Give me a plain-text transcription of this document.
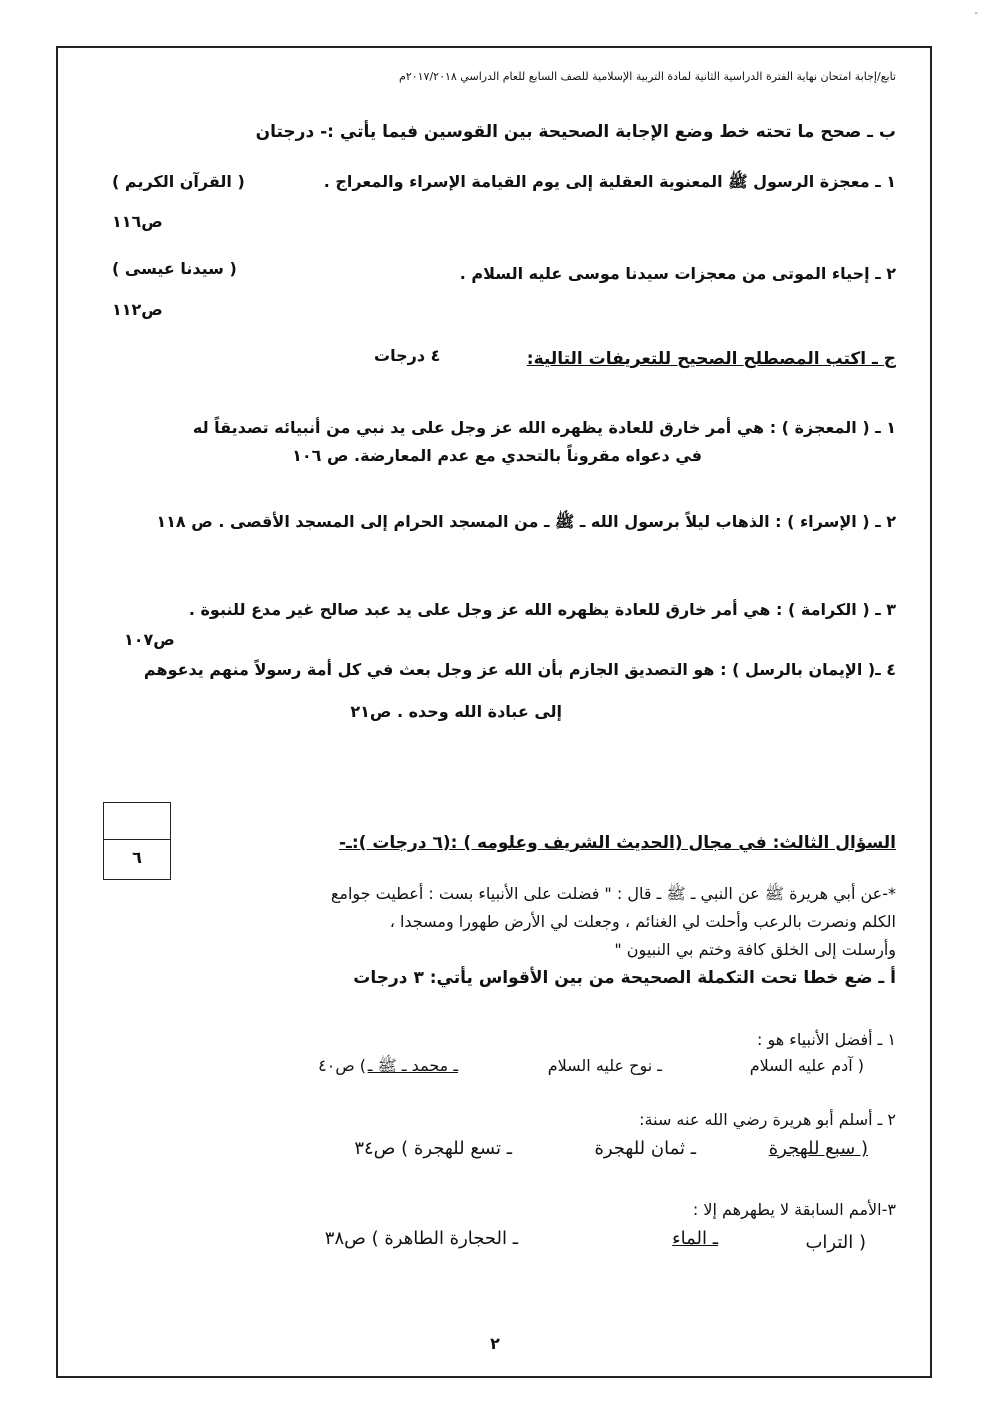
-
تابع/إجابة امتحان نهاية الفترة الدراسية الثانية لمادة التربية الإسلامية للصف السابع للعام الدراسي ٢٠١٧/٢٠١٨م
ب ـ صحح ما تحته خط وضع الإجابة الصحيحة بين القوسين فيما يأتي :- درجتان
١ ـ معجزة الرسول ﷺ المعنوية العقلية إلى يوم القيامة الإسراء والمعراج .
( القرآن الكريم )
ص١١٦
٢ ـ إحياء الموتى من معجزات سيدنا موسى عليه السلام .
( سيدنا عيسى )
ص١١٢
ج ـ اكتب المصطلح الصحيح للتعريفات التالية:
٤ درجات
١ ـ ( المعجزة ) : هي أمر خارق للعادة يظهره الله عز وجل على يد نبي من أنبيائه تصديقاً له
في دعواه مقروناً بالتحدي مع عدم المعارضة. ص ١٠٦
٢ ـ ( الإسراء ) : الذهاب ليلاً برسول الله ـ ﷺ ـ من المسجد الحرام إلى المسجد الأقصى . ص ١١٨
٣ ـ ( الكرامة ) : هي أمر خارق للعادة يظهره الله عز وجل على يد عبد صالح غير مدع للنبوة .
ص١٠٧
٤ ـ( الإيمان بالرسل ) : هو التصديق الجازم بأن الله عز وجل بعث في كل أمة رسولاً منهم يدعوهم
إلى عبادة الله وحده . ص٢١
٦
السؤال الثالث: في مجال (الحديث الشريف وعلومه ) :(٦ درجات ):ـ-
*-عن أبي هريرة ﷺ عن النبي ـ ﷺ ـ قال : " فضلت على الأنبياء بست : أعطيت جوامع
الكلم ونصرت بالرعب وأحلت لي الغنائم ، وجعلت لي الأرض طهورا ومسجدا ،
وأرسلت إلى الخلق كافة وختم بي النبيون "
أ ـ ضع خطا تحت التكملة الصحيحة من بين الأقواس يأتي: ٣ درجات
١ ـ أفضل الأنبياء هو :
( آدم عليه السلام
ـ نوح عليه السلام
ـ محمد ـ ﷺ ـ
) ص٤٠
٢ ـ أسلم أبو هريرة رضي الله عنه سنة:
( سبع للهجرة
ـ ثمان للهجرة
ـ تسع للهجرة ) ص٣٤
٣-الأمم السابقة لا يطهرهم إلا :
( التراب
ـ الماء
ـ الحجارة الطاهرة ) ص٣٨
٢
